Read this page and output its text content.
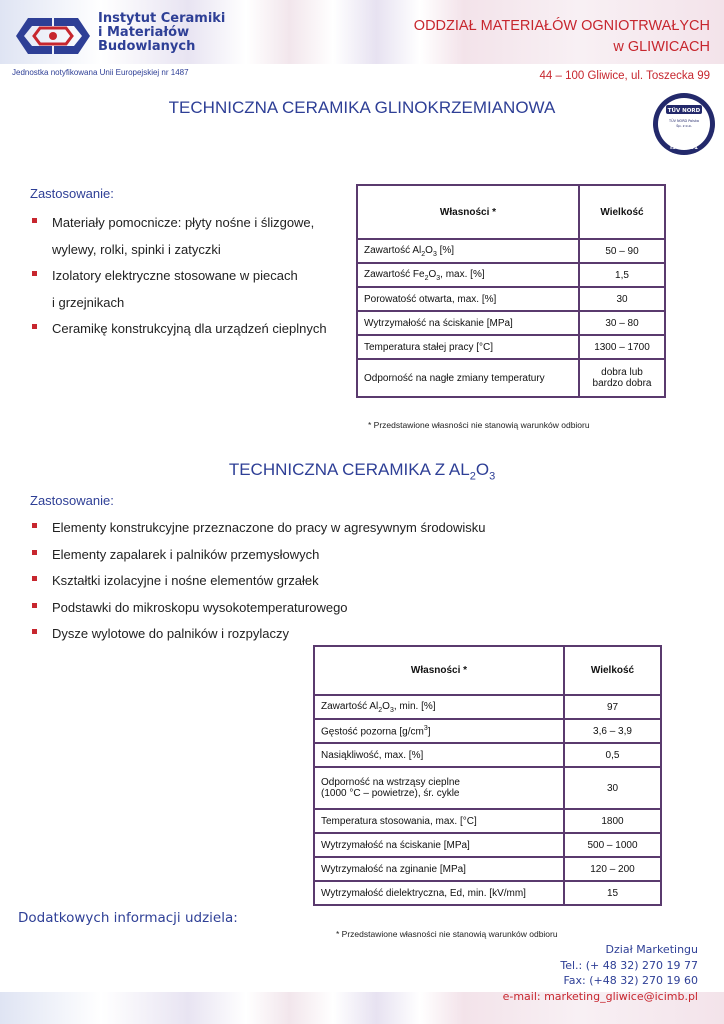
Instytut Ceramiki
i Materiałów
Budowlanych
Jednostka notyfikowana Unii Europejskiej nr 1487
ODDZIAŁ MATERIAŁÓW OGNIOTRWAŁYCH
w GLIWICACH
44 – 100 Gliwice, ul. Toszecka 99
TÜV NORD
TÜV NORD Polska
Sp. z o.o.
ISO 9001
TECHNICZNA CERAMIKA GLINOKRZEMIANOWA
Zastosowanie:
Materiały pomocnicze: płyty nośne i ślizgowe,
wylewy, rolki, spinki i zatyczki
Izolatory elektryczne stosowane w piecach
i grzejnikach
Ceramikę konstrukcyjną dla urządzeń cieplnych
Własności *	Wielkość
Zawartość $Al_2O_3$ [%]	50 – 90
Zawartość $Fe_2O_3$, max. [%]	1,5
Porowatość otwarta, max. [%]	30
Wytrzymałość na ściskanie [MPa]	30 – 80
Temperatura stałej pracy [°C]	1300 – 1700
Odporność na nagłe zmiany temperatury	dobra lub
bardzo dobra
* Przedstawione własności nie stanowią warunków odbioru
TECHNICZNA CERAMIKA Z $AL_2O_3$
Zastosowanie:
Elementy konstrukcyjne przeznaczone do pracy w agresywnym środowisku
Elementy zapalarek i palników przemysłowych
Kształtki izolacyjne i nośne elementów grzałek
Podstawki do mikroskopu wysokotemperaturowego
Dysze wylotowe do palników i rozpylaczy
Własności *	Wielkość
Zawartość $Al_2O_3$, min. [%]	97
Gęstość pozorna $[g/cm^3]$	3,6 – 3,9
Nasiąkliwość, max. [%]	0,5
Odporność na wstrząsy cieplne
(1000 °C – powietrze), śr. cykle	30
Temperatura stosowania, max. [°C]	1800
Wytrzymałość na ściskanie [MPa]	500 – 1000
Wytrzymałość na zginanie [MPa]	120 – 200
Wytrzymałość dielektryczna, Ed, min. [kV/mm]	15
* Przedstawione własności nie stanowią warunków odbioru
Dodatkowych informacji udziela:
Dział Marketingu
Tel.: (+ 48 32) 270 19 77
Fax: (+48 32) 270 19 60
e-mail: marketing_gliwice@icimb.pl
